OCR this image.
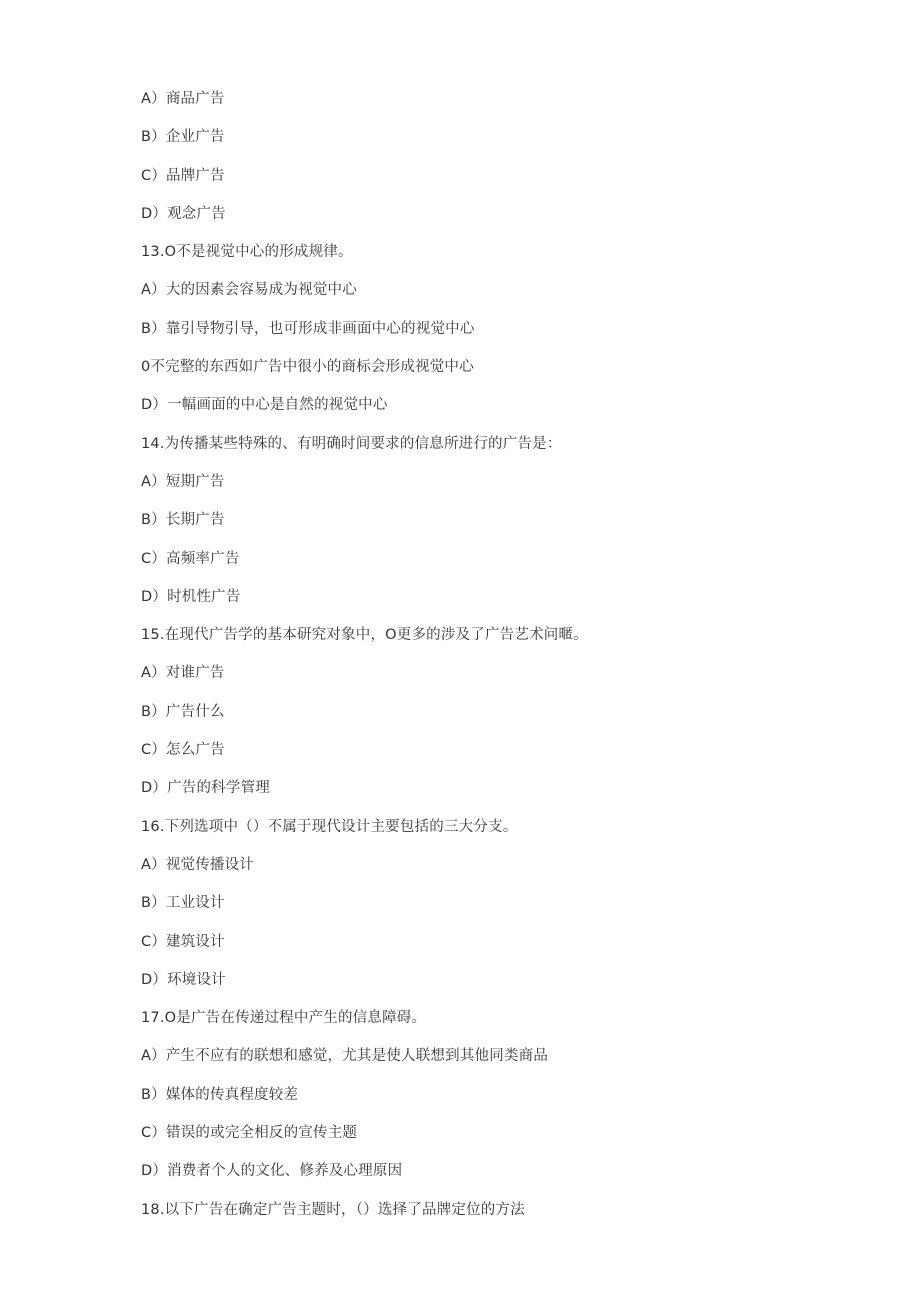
A）商品广告
B）企业广告
C）品牌广告
D）观念广告
13.O不是视觉中心的形成规律。
A）大的因素会容易成为视觉中心
B）靠引导物引导，也可形成非画面中心的视觉中心
0不完整的东西如广告中很小的商标会形成视觉中心
D）一幅画面的中心是自然的视觉中心
14.为传播某些特殊的、有明确时间要求的信息所进行的广告是：
A）短期广告
B）长期广告
C）高频率广告
D）时机性广告
15.在现代广告学的基本研究对象中，O更多的涉及了广告艺术问暱。
A）对谁广告
B）广告什么
C）怎么广告
D）广告的科学管理
16.下列选项中（）不属于现代设计主要包括的三大分支。
A）视觉传播设计
B）工业设计
C）建筑设计
D）环境设计
17.O是广告在传递过程中产生的信息障碍。
A）产生不应有的联想和感觉，尤其是使人联想到其他同类商品
B）媒体的传真程度较差
C）错误的或完全相反的宣传主题
D）消费者个人的文化、修养及心理原因
18.以下广告在确定广告主题时，（）选择了品牌定位的方法
